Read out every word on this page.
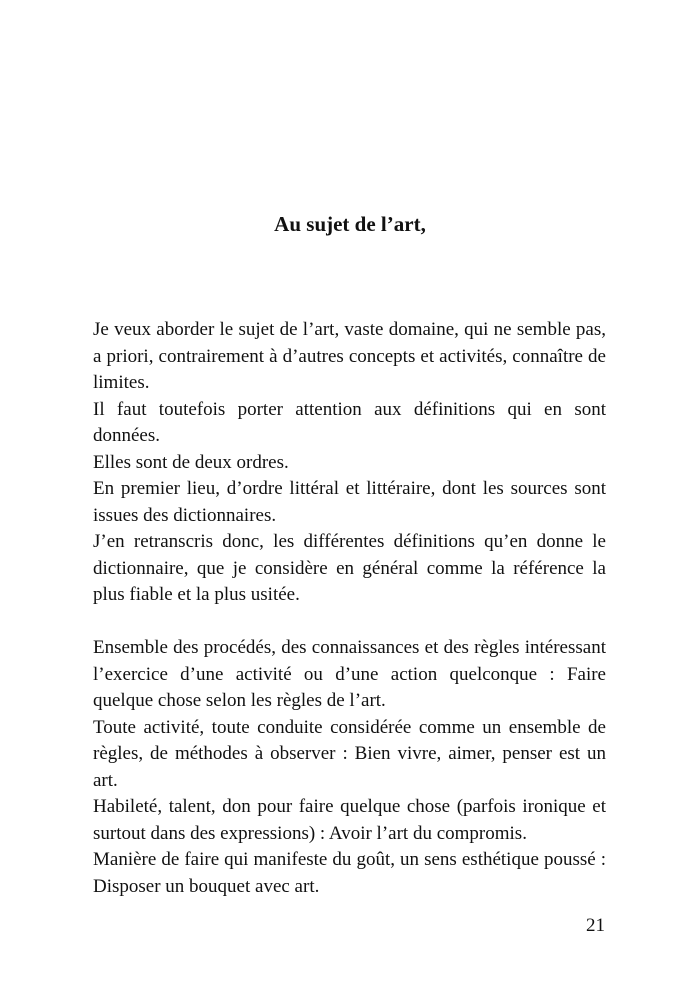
Au sujet de l’art,

Je veux aborder le sujet de l’art, vaste domaine, qui ne semble pas, a priori, contrairement à d’autres concepts et activités, connaître de limites.

Il faut toutefois porter attention aux définitions qui en sont données.

Elles sont de deux ordres.

En premier lieu, d’ordre littéral et littéraire, dont les sources sont issues des dictionnaires.

J’en retranscris donc, les différentes définitions qu’en donne le dictionnaire, que je considère en général comme la référence la plus fiable et la plus usitée.

Ensemble des procédés, des connaissances et des règles intéressant l’exercice d’une activité ou d’une action quelconque : Faire quelque chose selon les règles de l’art.

Toute activité, toute conduite considérée comme un ensemble de règles, de méthodes à observer : Bien vivre, aimer, penser est un art.

Habileté, talent, don pour faire quelque chose (parfois ironique et surtout dans des expressions) : Avoir l’art du compromis.

Manière de faire qui manifeste du goût, un sens esthétique poussé : Disposer un bouquet avec art.

21
